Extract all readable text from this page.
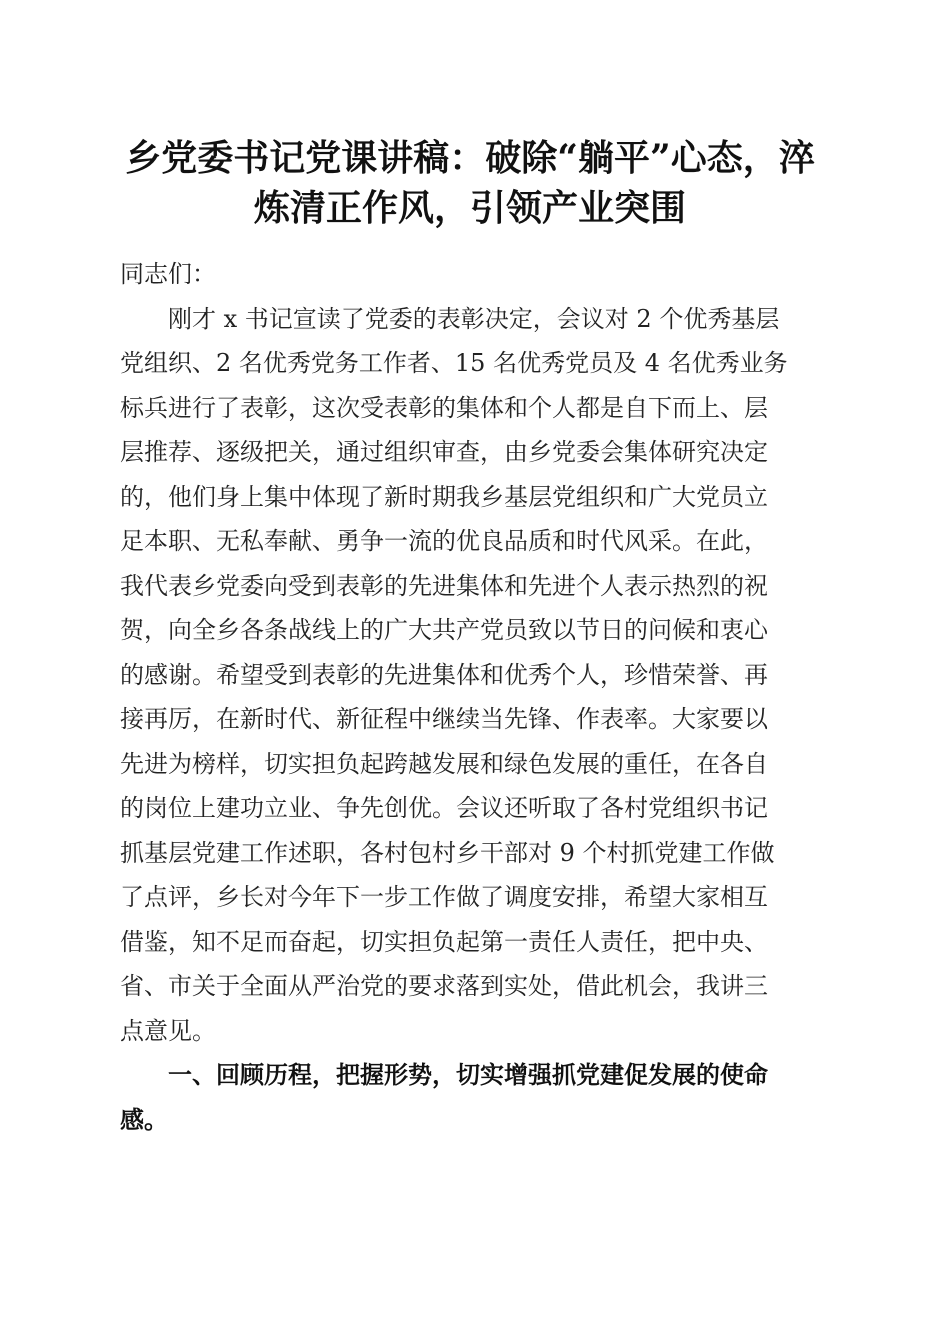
乡党委书记党课讲稿：破除“躺平”心态，淬
炼清正作风，引领产业突围
同志们：
刚才 x 书记宣读了党委的表彰决定，会议对 2 个优秀基层
党组织、2 名优秀党务工作者、15 名优秀党员及 4 名优秀业务
标兵进行了表彰，这次受表彰的集体和个人都是自下而上、层
层推荐、逐级把关，通过组织审查，由乡党委会集体研究决定
的，他们身上集中体现了新时期我乡基层党组织和广大党员立
足本职、无私奉献、勇争一流的优良品质和时代风采。在此，
我代表乡党委向受到表彰的先进集体和先进个人表示热烈的祝
贺，向全乡各条战线上的广大共产党员致以节日的问候和衷心
的感谢。希望受到表彰的先进集体和优秀个人，珍惜荣誉、再
接再厉，在新时代、新征程中继续当先锋、作表率。大家要以
先进为榜样，切实担负起跨越发展和绿色发展的重任，在各自
的岗位上建功立业、争先创优。会议还听取了各村党组织书记
抓基层党建工作述职，各村包村乡干部对 9 个村抓党建工作做
了点评，乡长对今年下一步工作做了调度安排，希望大家相互
借鉴，知不足而奋起，切实担负起第一责任人责任，把中央、
省、市关于全面从严治党的要求落到实处，借此机会，我讲三
点意见。
一、回顾历程，把握形势，切实增强抓党建促发展的使命
感。
